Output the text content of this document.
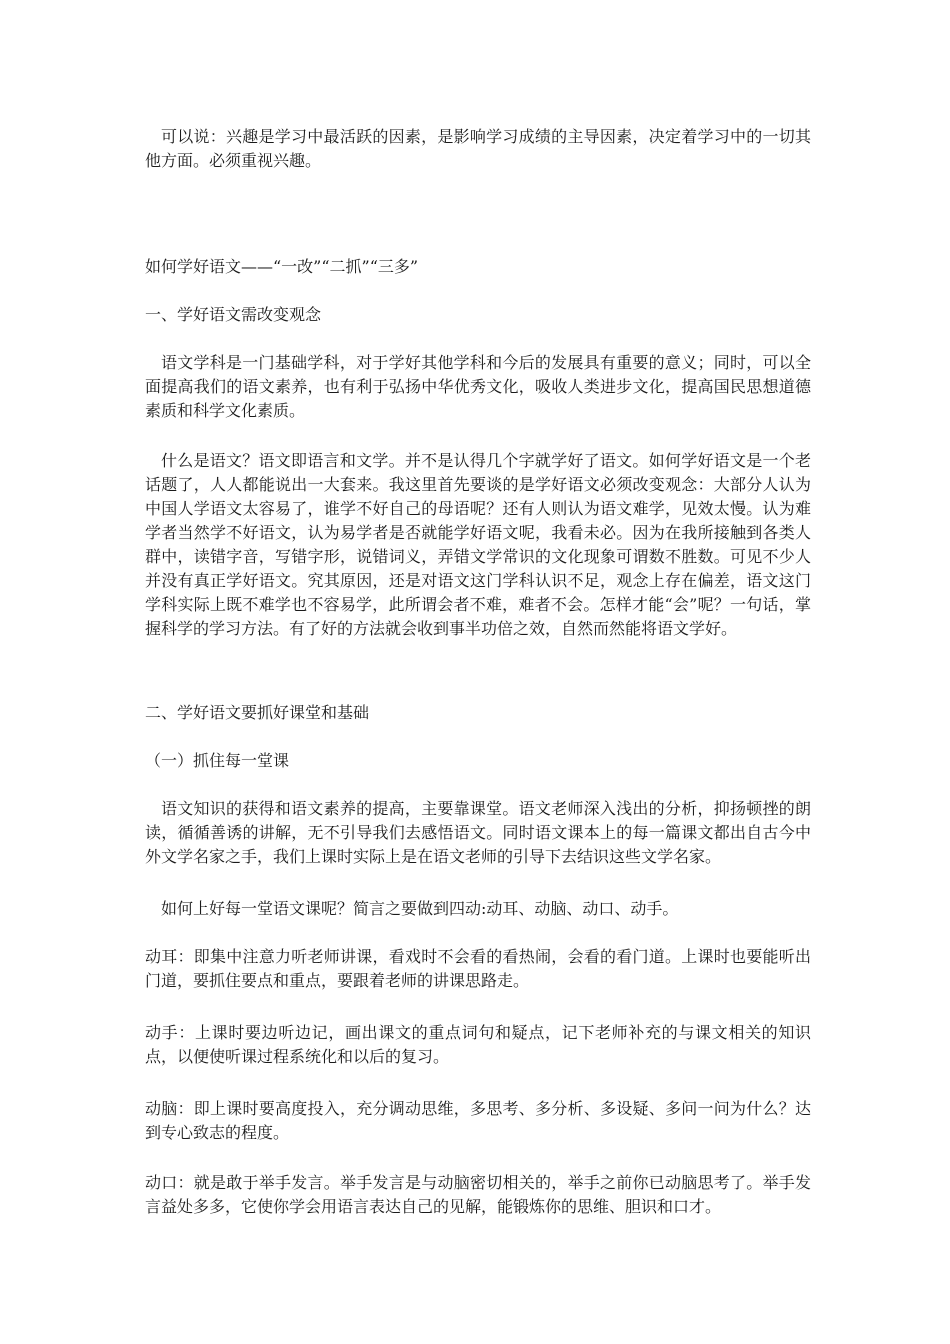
可以说：兴趣是学习中最活跃的因素，是影响学习成绩的主导因素，决定着学习中的一切其他方面。必须重视兴趣。

如何学好语文——“一改”“二抓”“三多”

一、学好语文需改变观念

语文学科是一门基础学科，对于学好其他学科和今后的发展具有重要的意义；同时，可以全面提高我们的语文素养，也有利于弘扬中华优秀文化，吸收人类进步文化，提高国民思想道德素质和科学文化素质。

什么是语文？语文即语言和文学。并不是认得几个字就学好了语文。如何学好语文是一个老话题了，人人都能说出一大套来。我这里首先要谈的是学好语文必须改变观念：大部分人认为中国人学语文太容易了，谁学不好自己的母语呢？还有人则认为语文难学，见效太慢。认为难学者当然学不好语文，认为易学者是否就能学好语文呢，我看未必。因为在我所接触到各类人群中，读错字音，写错字形，说错词义，弄错文学常识的文化现象可谓数不胜数。可见不少人并没有真正学好语文。究其原因，还是对语文这门学科认识不足，观念上存在偏差，语文这门学科实际上既不难学也不容易学，此所谓会者不难，难者不会。怎样才能“会”呢？一句话，掌握科学的学习方法。有了好的方法就会收到事半功倍之效，自然而然能将语文学好。

二、学好语文要抓好课堂和基础

（一）抓住每一堂课

语文知识的获得和语文素养的提高，主要靠课堂。语文老师深入浅出的分析，抑扬顿挫的朗读，循循善诱的讲解，无不引导我们去感悟语文。同时语文课本上的每一篇课文都出自古今中外文学名家之手，我们上课时实际上是在语文老师的引导下去结识这些文学名家。

如何上好每一堂语文课呢？简言之要做到四动:动耳、动脑、动口、动手。

动耳：即集中注意力听老师讲课，看戏时不会看的看热闹，会看的看门道。上课时也要能听出门道，要抓住要点和重点，要跟着老师的讲课思路走。

动手：上课时要边听边记，画出课文的重点词句和疑点，记下老师补充的与课文相关的知识点，以便使听课过程系统化和以后的复习。

动脑：即上课时要高度投入，充分调动思维，多思考、多分析、多设疑、多问一问为什么？达到专心致志的程度。

动口：就是敢于举手发言。举手发言是与动脑密切相关的，举手之前你已动脑思考了。举手发言益处多多，它使你学会用语言表达自己的见解，能锻炼你的思维、胆识和口才。
